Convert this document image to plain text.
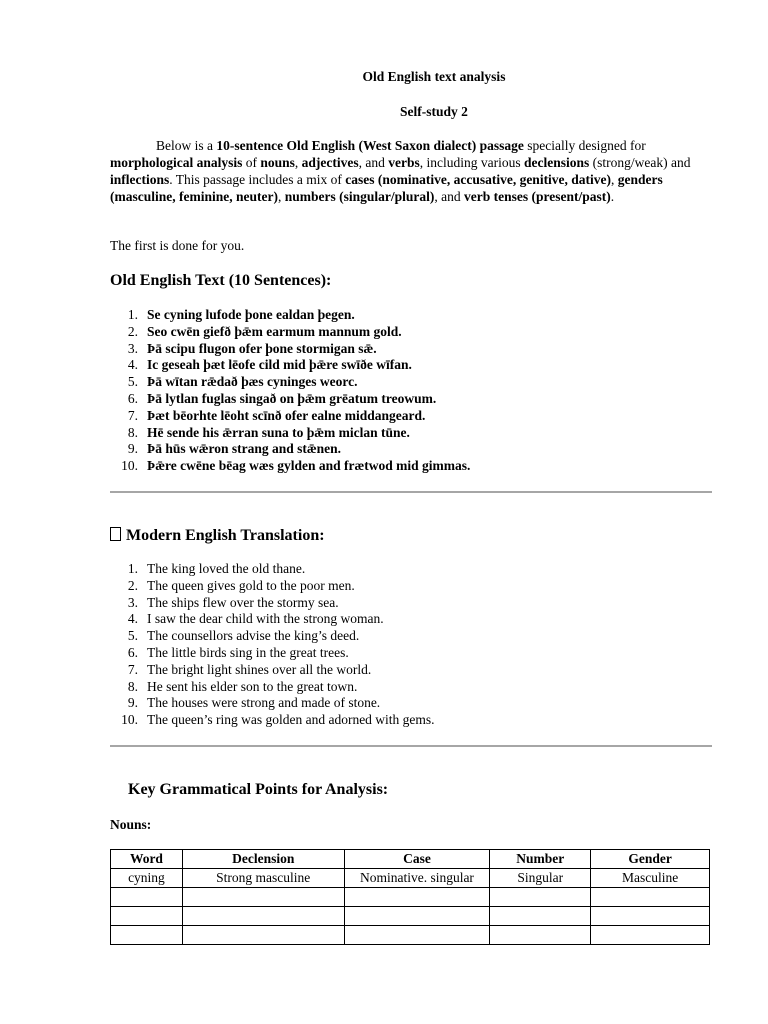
Old English text analysis
Self-study 2

Below is a 10-sentence Old English (West Saxon dialect) passage specially designed for morphological analysis of nouns, adjectives, and verbs, including various declensions (strong/weak) and inflections. This passage includes a mix of cases (nominative, accusative, genitive, dative), genders (masculine, feminine, neuter), numbers (singular/plural), and verb tenses (present/past).

The first is done for you.
Old English Text (10 Sentences):
1. Se cyning lufode þone ealdan þegen.
2. Seo cwēn giefð þǣm earmum mannum gold.
3. Þā scipu flugon ofer þone stormigan sǣ.
4. Ic geseah þæt lēofe cild mid þǣre swīðe wīfan.
5. Þā wītan rǣdað þæs cyninges weorc.
6. Þā lytlan fuglas singað on þǣm grēatum treowum.
7. Þæt bēorhte lēoht scīnð ofer ealne middangeard.
8. Hē sende his ǣrran suna to þǣm miclan tūne.
9. Þā hūs wǣron strang and stǣnen.
10. Þǣre cwēne bēag wæs gylden and frætwod mid gimmas.
Modern English Translation:
1. The king loved the old thane.
2. The queen gives gold to the poor men.
3. The ships flew over the stormy sea.
4. I saw the dear child with the strong woman.
5. The counsellors advise the king’s deed.
6. The little birds sing in the great trees.
7. The bright light shines over all the world.
8. He sent his elder son to the great town.
9. The houses were strong and made of stone.
10. The queen’s ring was golden and adorned with gems.
Key Grammatical Points for Analysis:
Nouns:
Word	Declension	Case	Number	Gender
cyning	Strong masculine	Nominative. singular	Singular	Masculine
